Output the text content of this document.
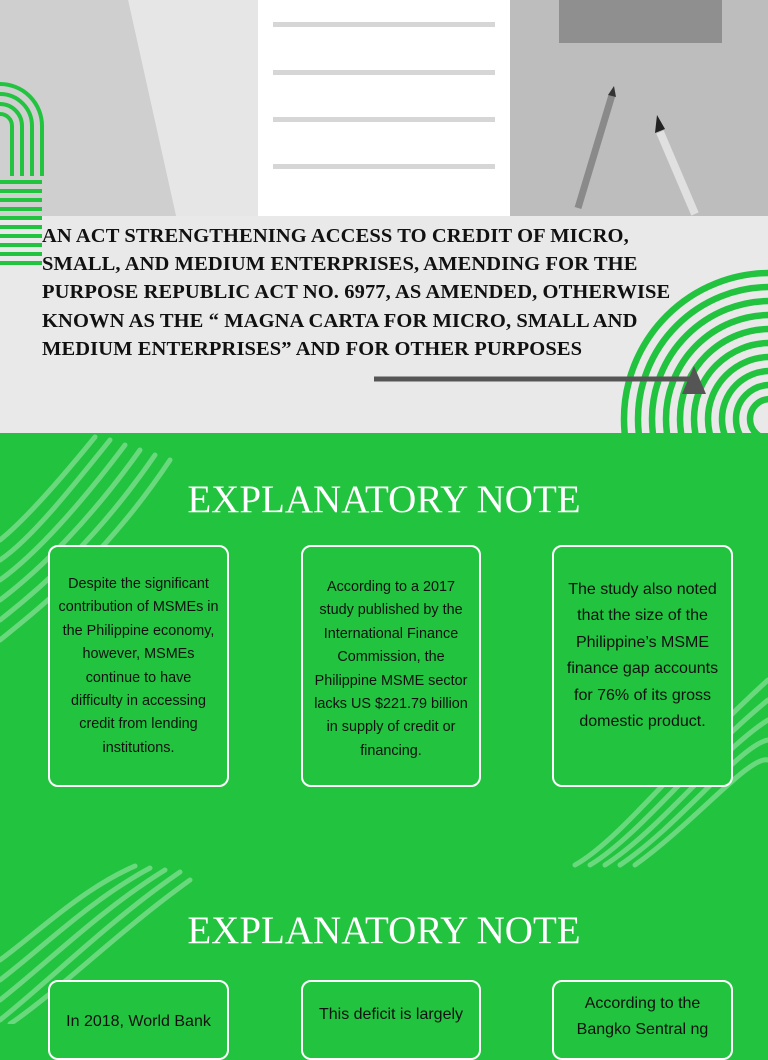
AN ACT STRENGTHENING ACCESS TO CREDIT OF MICRO, SMALL, AND MEDIUM ENTERPRISES, AMENDING FOR THE PURPOSE REPUBLIC ACT NO. 6977, AS AMENDED, OTHERWISE KNOWN AS THE “ MAGNA CARTA FOR MICRO, SMALL AND MEDIUM ENTERPRISES” AND FOR OTHER PURPOSES
EXPLANATORY NOTE

Despite the significant contribution of MSMEs in the Philippine economy, however, MSMEs continue to have difficulty in accessing credit from lending institutions.

According to a 2017 study published by the International Finance Commission, the Philippine MSME sector lacks US $221.79 billion in supply of credit or financing.

The study also noted that the size of the Philippine’s MSME finance gap accounts for 76% of its gross domestic product.

EXPLANATORY NOTE

In 2018, World Bank	This deficit is largely

According to the Bangko Sentral ng
